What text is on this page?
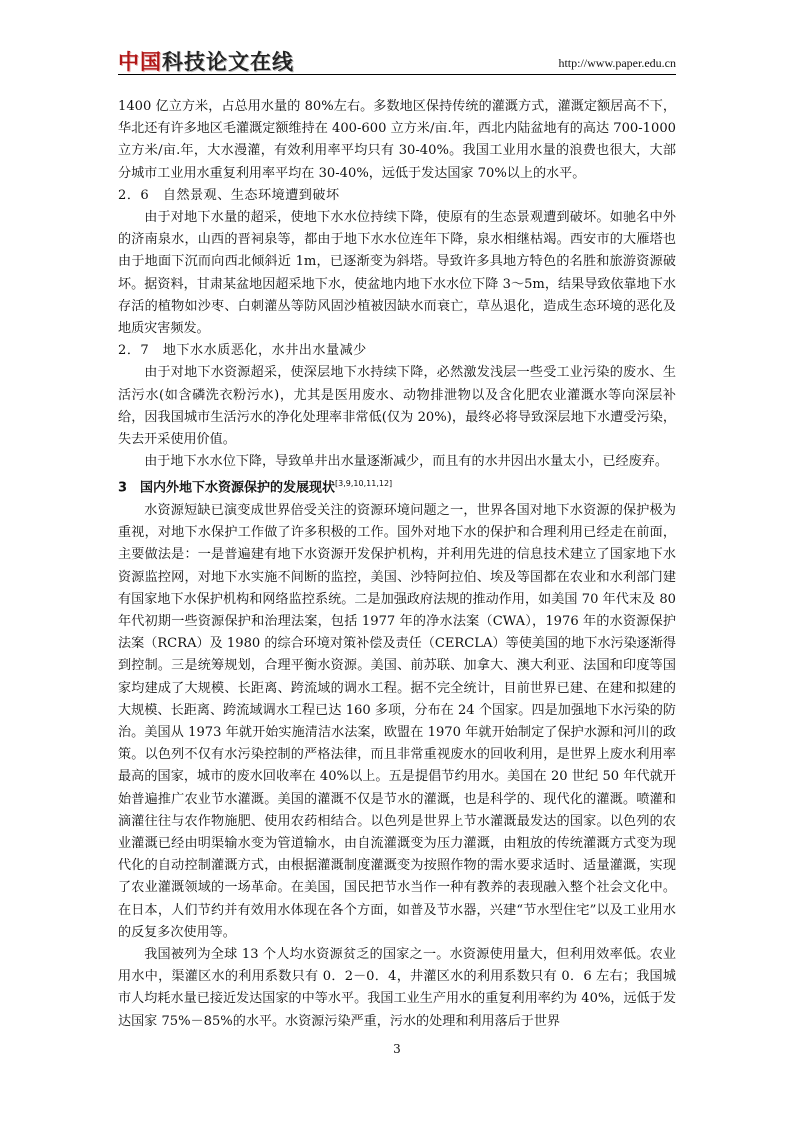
中国科技论文在线	http://www.paper.edu.cn

1400 亿立方米，占总用水量的 80%左右。多数地区保持传统的灌溉方式，灌溉定额居高不下，华北还有许多地区毛灌溉定额维持在 400-600 立方米/亩.年，西北内陆盆地有的高达 700-1000 立方米/亩.年，大水漫灌，有效利用率平均只有 30-40%。我国工业用水量的浪费也很大，大部分城市工业用水重复利用率平均在 30-40%，远低于发达国家 70%以上的水平。

2．6　自然景观、生态环境遭到破坏

由于对地下水量的超采，使地下水水位持续下降，使原有的生态景观遭到破坏。如驰名中外的济南泉水，山西的晋祠泉等，都由于地下水水位连年下降，泉水相继枯竭。西安市的大雁塔也由于地面下沉而向西北倾斜近 1m，已逐渐变为斜塔。导致许多具地方特色的名胜和旅游资源破坏。据资料，甘肃某盆地因超采地下水，使盆地内地下水水位下降 3～5m，结果导致依靠地下水存活的植物如沙枣、白刺灌丛等防风固沙植被因缺水而衰亡，草丛退化，造成生态环境的恶化及地质灾害频发。

2．7　地下水水质恶化，水井出水量减少

由于对地下水资源超采，使深层地下水持续下降，必然激发浅层一些受工业污染的废水、生活污水(如含磷洗衣粉污水)，尤其是医用废水、动物排泄物以及含化肥农业灌溉水等向深层补给，因我国城市生活污水的净化处理率非常低(仅为 20%)，最终必将导致深层地下水遭受污染，失去开采使用价值。

由于地下水水位下降，导致单井出水量逐渐减少，而且有的水井因出水量太小，已经废弃。

3　国内外地下水资源保护的发展现状[3,9,10,11,12]

水资源短缺已演变成世界倍受关注的资源环境问题之一，世界各国对地下水资源的保护极为重视，对地下水保护工作做了许多积极的工作。国外对地下水的保护和合理利用已经走在前面，主要做法是：一是普遍建有地下水资源开发保护机构，并利用先进的信息技术建立了国家地下水资源监控网，对地下水实施不间断的监控，美国、沙特阿拉伯、埃及等国都在农业和水利部门建有国家地下水保护机构和网络监控系统。二是加强政府法规的推动作用，如美国 70 年代末及 80 年代初期一些资源保护和治理法案，包括 1977 年的净水法案（CWA），1976 年的水资源保护法案（RCRA）及 1980 的综合环境对策补偿及责任（CERCLA）等使美国的地下水污染逐渐得到控制。三是统筹规划，合理平衡水资源。美国、前苏联、加拿大、澳大利亚、法国和印度等国家均建成了大规模、长距离、跨流域的调水工程。据不完全统计，目前世界已建、在建和拟建的大规模、长距离、跨流域调水工程已达 160 多项，分布在 24 个国家。四是加强地下水污染的防治。美国从 1973 年就开始实施清洁水法案，欧盟在 1970 年就开始制定了保护水源和河川的政策。以色列不仅有水污染控制的严格法律，而且非常重视废水的回收利用，是世界上废水利用率最高的国家，城市的废水回收率在 40%以上。五是提倡节约用水。美国在 20 世纪 50 年代就开始普遍推广农业节水灌溉。美国的灌溉不仅是节水的灌溉，也是科学的、现代化的灌溉。喷灌和滴灌往往与农作物施肥、使用农药相结合。以色列是世界上节水灌溉最发达的国家。以色列的农业灌溉已经由明渠输水变为管道输水，由自流灌溉变为压力灌溉，由粗放的传统灌溉方式变为现代化的自动控制灌溉方式，由根据灌溉制度灌溉变为按照作物的需水要求适时、适量灌溉，实现了农业灌溉领域的一场革命。在美国，国民把节水当作一种有教养的表现融入整个社会文化中。在日本，人们节约并有效用水体现在各个方面，如普及节水器，兴建“节水型住宅”以及工业用水的反复多次使用等。

我国被列为全球 13 个人均水资源贫乏的国家之一。水资源使用量大，但利用效率低。农业用水中，渠灌区水的利用系数只有 0．2－0．4，井灌区水的利用系数只有 0．6 左右；我国城市人均耗水量已接近发达国家的中等水平。我国工业生产用水的重复利用率约为 40%，远低于发达国家 75%－85%的水平。水资源污染严重，污水的处理和利用落后于世界

3
